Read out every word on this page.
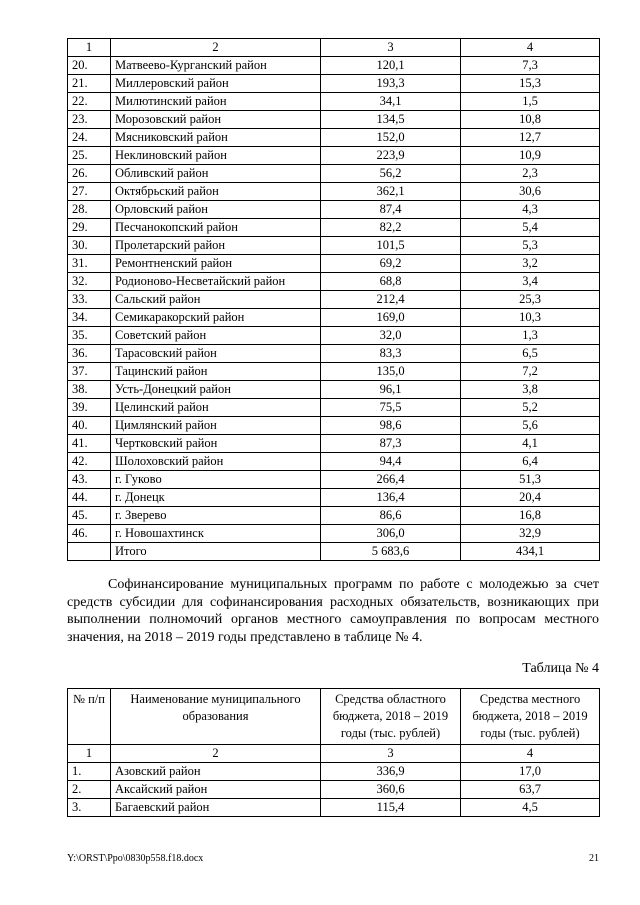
1	2	3	4
20.	Матвеево-Курганский район	120,1	7,3
21.	Миллеровский район	193,3	15,3
22.	Милютинский район	34,1	1,5
23.	Морозовский район	134,5	10,8
24.	Мясниковский район	152,0	12,7
25.	Неклиновский район	223,9	10,9
26.	Обливский район	56,2	2,3
27.	Октябрьский район	362,1	30,6
28.	Орловский район	87,4	4,3
29.	Песчанокопский район	82,2	5,4
30.	Пролетарский район	101,5	5,3
31.	Ремонтненский район	69,2	3,2
32.	Родионово-Несветайский район	68,8	3,4
33.	Сальский район	212,4	25,3
34.	Семикаракорский район	169,0	10,3
35.	Советский район	32,0	1,3
36.	Тарасовский район	83,3	6,5
37.	Тацинский район	135,0	7,2
38.	Усть-Донецкий район	96,1	3,8
39.	Целинский район	75,5	5,2
40.	Цимлянский район	98,6	5,6
41.	Чертковский район	87,3	4,1
42.	Шолоховский район	94,4	6,4
43.	г. Гуково	266,4	51,3
44.	г. Донецк	136,4	20,4
45.	г. Зверево	86,6	16,8
46.	г. Новошахтинск	306,0	32,9
	Итого	5 683,6	434,1
Софинансирование муниципальных программ по работе с молодежью за счет средств субсидии для софинансирования расходных обязательств, возникающих при выполнении полномочий органов местного самоуправления по вопросам местного значения, на 2018 – 2019 годы представлено в таблице № 4.
Таблица № 4
№ п/п	Наименование муниципального образования	Средства областного бюджета, 2018 – 2019 годы (тыс. рублей)	Средства местного бюджета, 2018 – 2019 годы (тыс. рублей)
1	2	3	4
1.	Азовский район	336,9	17,0
2.	Аксайский район	360,6	63,7
3.	Багаевский район	115,4	4,5
Y:\ORST\Ppo\0830p558.f18.docx	21
